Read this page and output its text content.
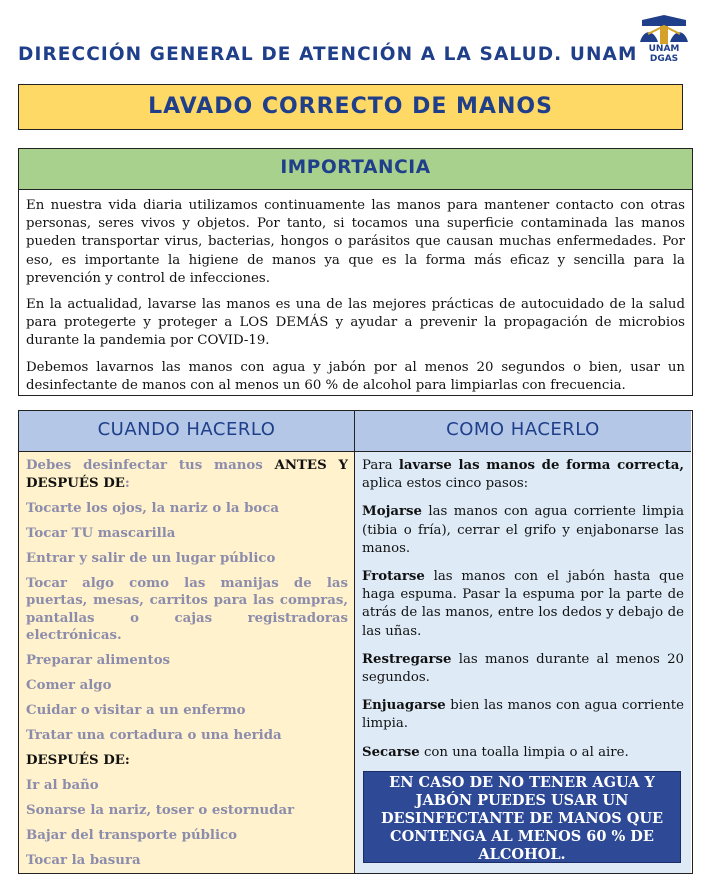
DIRECCIÓN GENERAL DE ATENCIÓN A LA SALUD. UNAM	UNAM
DGAS
LAVADO CORRECTO DE MANOS
IMPORTANCIA

En nuestra vida diaria utilizamos continuamente las manos para mantener contacto con otras personas, seres vivos y objetos. Por tanto, si tocamos una superficie contaminada las manos pueden transportar virus, bacterias, hongos o parásitos que causan muchas enfermedades. Por eso, es importante la higiene de manos ya que es la forma más eficaz y sencilla para la prevención y control de infecciones.

En la actualidad, lavarse las manos es una de las mejores prácticas de autocuidado de la salud para protegerte y proteger a LOS DEMÁS y ayudar a prevenir la propagación de microbios durante la pandemia por COVID-19.

Debemos lavarnos las manos con agua y jabón por al menos 20 segundos o bien, usar un desinfectante de manos con al menos un 60 % de alcohol para limpiarlas con frecuencia.

CUANDO HACERLO
Debes desinfectar tus manos ANTES Y DESPUÉS DE:
Tocarte los ojos, la nariz o la boca
Tocar TU mascarilla
Entrar y salir de un lugar público
Tocar algo como las manijas de las puertas, mesas, carritos para las compras, pantallas o cajas registradoras electrónicas.
Preparar alimentos
Comer algo
Cuidar o visitar a un enfermo
Tratar una cortadura o una herida
DESPUÉS DE:
Ir al baño
Sonarse la nariz, toser o estornudar
Bajar del transporte público
Tocar la basura
COMO HACERLO
Para lavarse las manos de forma correcta, aplica estos cinco pasos:
Mojarse las manos con agua corriente limpia (tibia o fría), cerrar el grifo y enjabonarse las manos.
Frotarse las manos con el jabón hasta que haga espuma. Pasar la espuma por la parte de atrás de las manos, entre los dedos y debajo de las uñas.
Restregarse las manos durante al menos 20 segundos.
Enjuagarse bien las manos con agua corriente limpia.
Secarse con una toalla limpia o al aire.
EN CASO DE NO TENER AGUA Y JABÓN PUEDES USAR UN DESINFECTANTE DE MANOS QUE CONTENGA AL MENOS 60 % DE ALCOHOL.
